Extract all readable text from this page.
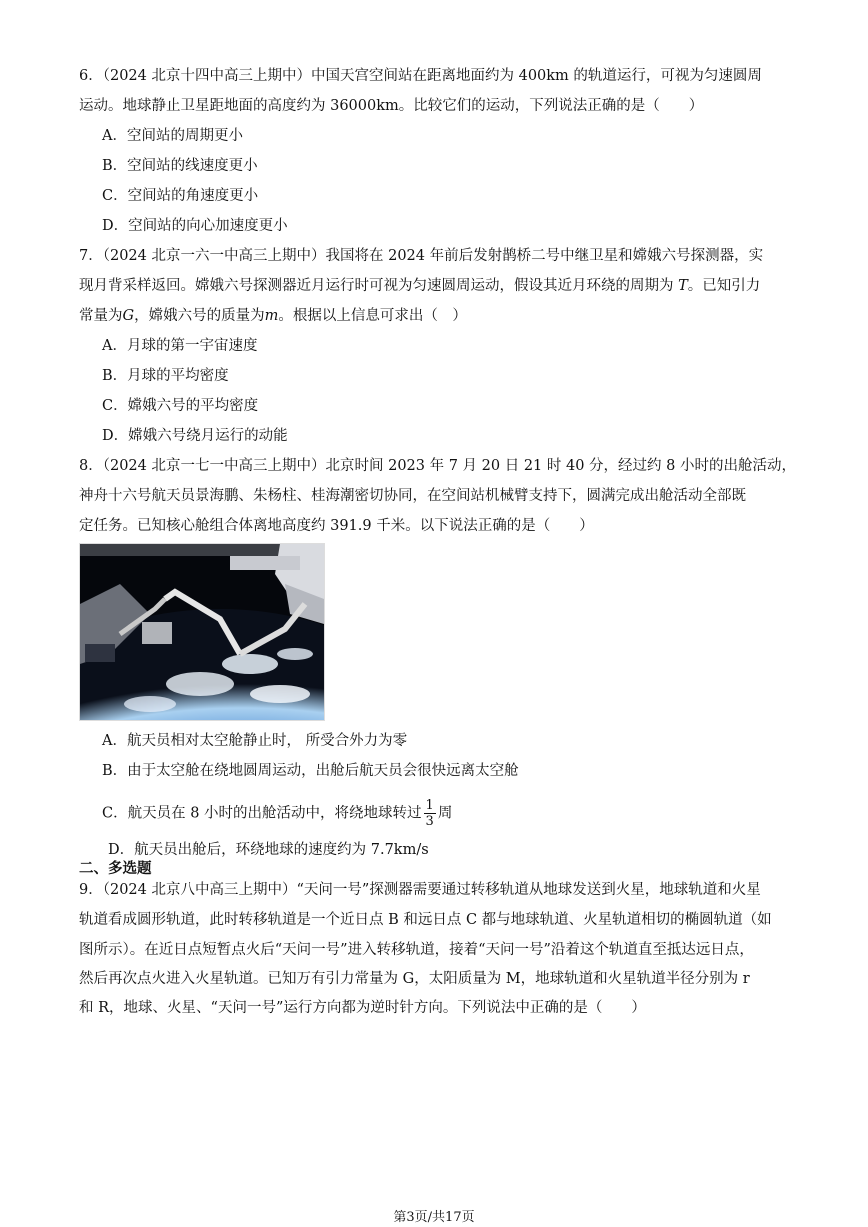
6．（2024 北京十四中高三上期中）中国天宫空间站在距离地面约为 400km 的轨道运行，可视为匀速圆周
运动。地球静止卫星距地面的高度约为 36000km。比较它们的运动，下列说法正确的是（　　）
A．空间站的周期更小
B．空间站的线速度更小
C．空间站的角速度更小
D．空间站的向心加速度更小
7．（2024 北京一六一中高三上期中）我国将在 2024 年前后发射鹊桥二号中继卫星和嫦娥六号探测器，实
现月背采样返回。嫦娥六号探测器近月运行时可视为匀速圆周运动，假设其近月环绕的周期为 T。已知引力
常量为G，嫦娥六号的质量为m。根据以上信息可求出（　）
A．月球的第一宇宙速度
B．月球的平均密度
C．嫦娥六号的平均密度
D．嫦娥六号绕月运行的动能
8．（2024 北京一七一中高三上期中）北京时间 2023 年 7 月 20 日 21 时 40 分，经过约 8 小时的出舱活动，
神舟十六号航天员景海鹏、朱杨柱、桂海潮密切协同，在空间站机械臂支持下，圆满完成出舱活动全部既
定任务。已知核心舱组合体离地高度约 391.9 千米。以下说法正确的是（　　）
A．航天员相对太空舱静止时， 所受合外力为零
B．由于太空舱在绕地圆周运动，出舱后航天员会很快远离太空舱
C．航天员在 8 小时的出舱活动中，将绕地球转过 $\frac{1}{3}$ 周
D．航天员出舱后，环绕地球的速度约为 7.7km/s
二、多选题
9．（2024 北京八中高三上期中）“天问一号”探测器需要通过转移轨道从地球发送到火星，地球轨道和火星
轨道看成圆形轨道，此时转移轨道是一个近日点 B 和远日点 C 都与地球轨道、火星轨道相切的椭圆轨道（如
图所示）。在近日点短暂点火后“天问一号”进入转移轨道，接着“天问一号”沿着这个轨道直至抵达远日点，
然后再次点火进入火星轨道。已知万有引力常量为 G，太阳质量为 M，地球轨道和火星轨道半径分别为 r
和 R，地球、火星、“天问一号”运行方向都为逆时针方向。下列说法中正确的是（　　）
第3页/共17页
